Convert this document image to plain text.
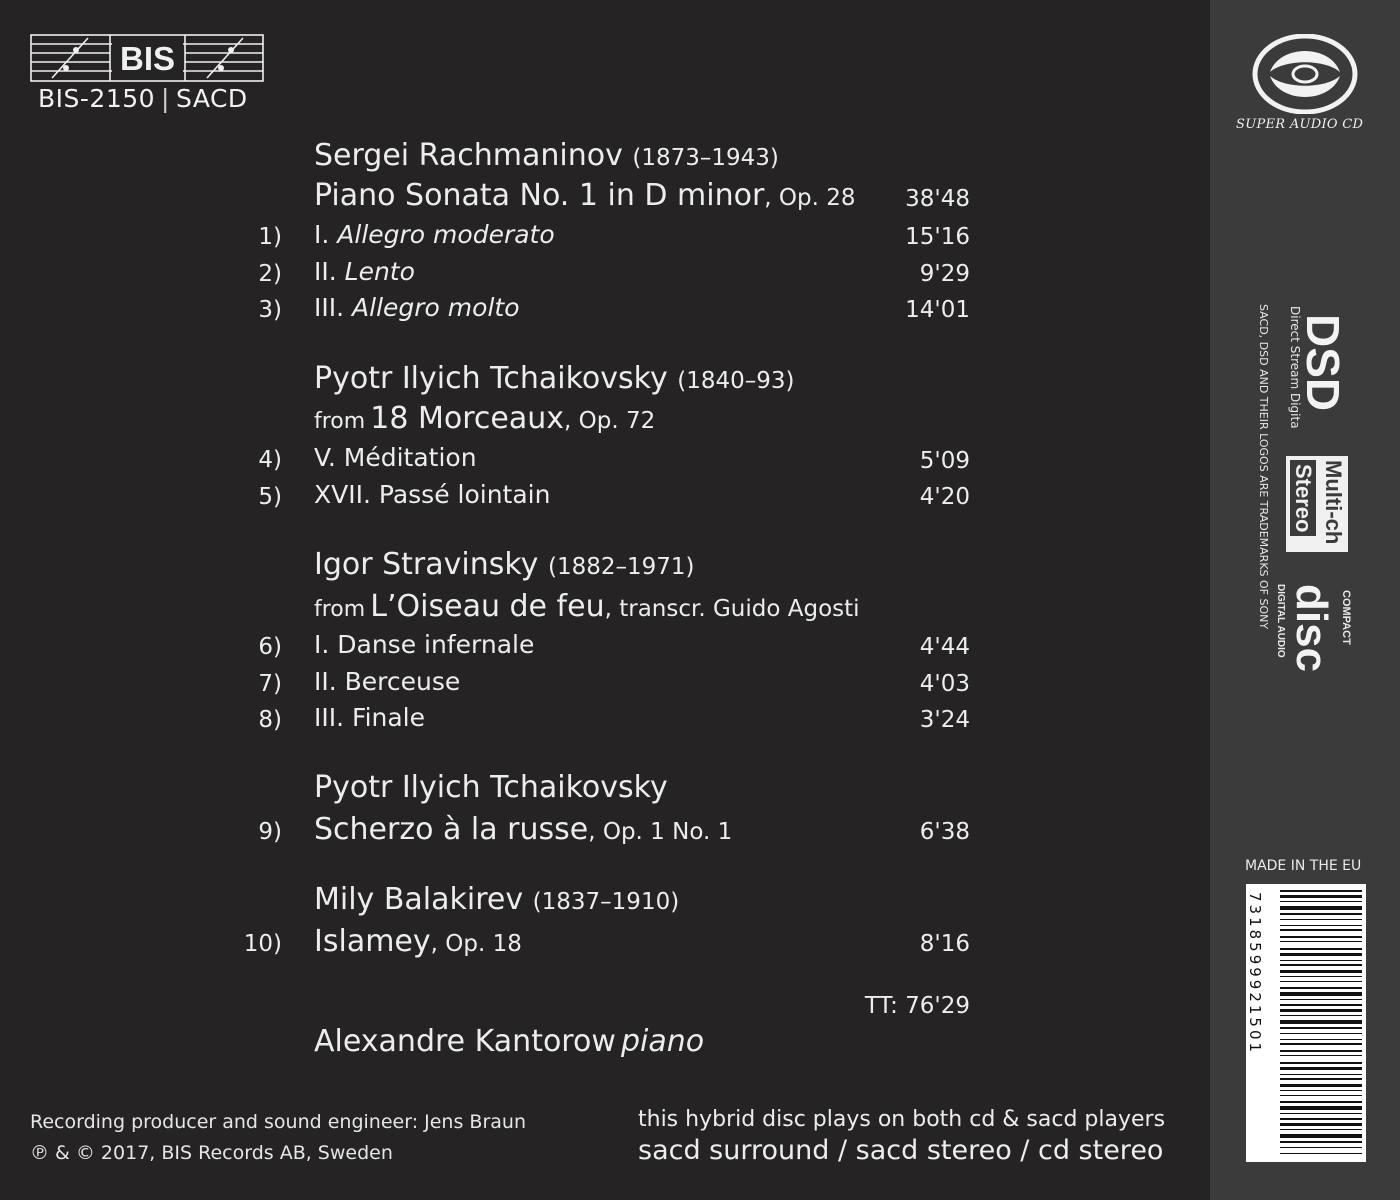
BIS
BIS-2150 | SACD
Sergei Rachmaninov (1873–1943)
Piano Sonata No. 1 in D minor, Op. 28 38'48
1) I. Allegro moderato	15'16
2) II. Lento	9'29
3) III. Allegro molto	14'01
Pyotr Ilyich Tchaikovsky (1840–93)
from 18 Morceaux, Op. 72
4) V. Méditation	5'09
5) XVII. Passé lointain	4'20
Igor Stravinsky (1882–1971)
from L’Oiseau de feu, transcr. Guido Agosti
6) I. Danse infernale	4'44
7) II. Berceuse	4'03
8) III. Finale	3'24
Pyotr Ilyich Tchaikovsky
9) Scherzo à la russe, Op. 1 No. 1	6'38
Mily Balakirev (1837–1910)
10) Islamey, Op. 18	8'16
TT: 76'29
Alexandre Kantorow piano
Recording producer and sound engineer: Jens Braun
℗ & © 2017, BIS Records AB, Sweden
this hybrid disc plays on both cd & sacd players
sacd surround / sacd stereo / cd stereo
SUPER AUDIO CD
DSD
Direct Stream Digita
Multi-ch
Stereo
COMPACT
disc
DIGITAL AUDIO
SACD, DSD AND THEIR LOGOS ARE TRADEMARKS OF SONY
MADE IN THE EU
7318599921501
